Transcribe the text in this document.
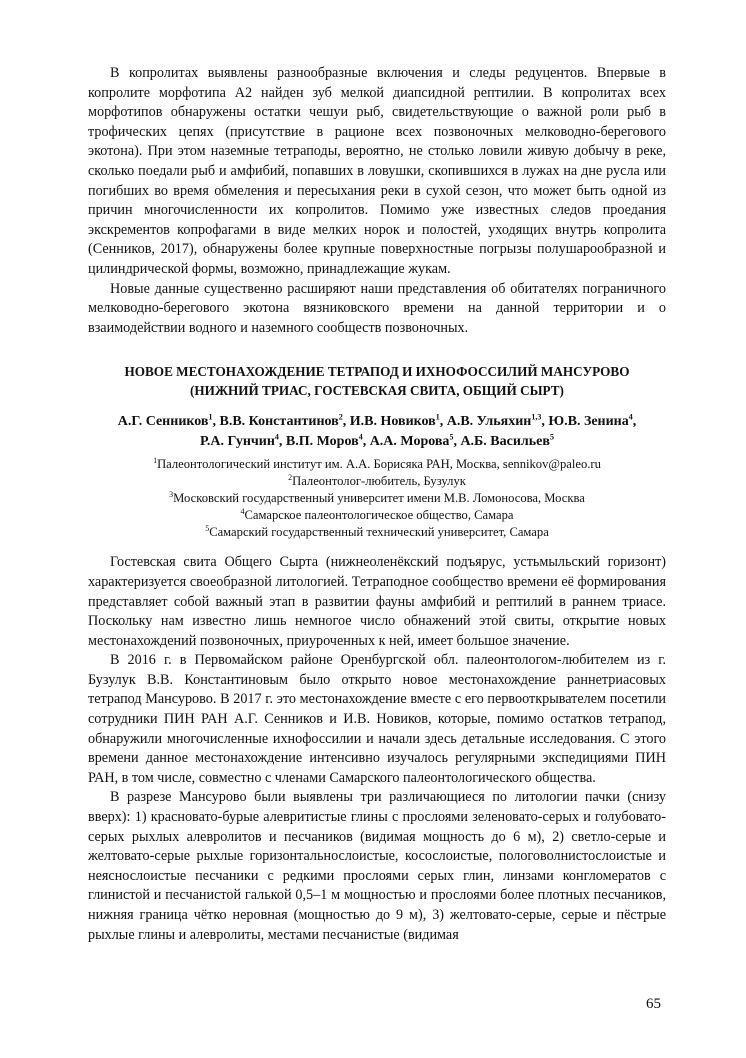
В копролитах выявлены разнообразные включения и следы редуцентов. Впервые в копролите морфотипа А2 найден зуб мелкой диапсидной рептилии. В копролитах всех морфотипов обнаружены остатки чешуи рыб, свидетельствующие о важной роли рыб в трофических цепях (присутствие в рационе всех позвоночных мелководно-берегового экотона). При этом наземные тетраподы, вероятно, не столько ловили живую добычу в реке, сколько поедали рыб и амфибий, попавших в ловушки, скопившихся в лужах на дне русла или погибших во время обмеления и пересыхания реки в сухой сезон, что может быть одной из причин многочисленности их копролитов. Помимо уже известных следов проедания экскрементов копрофагами в виде мелких норок и полостей, уходящих внутрь копролита (Сенников, 2017), обнаружены более крупные поверхностные погрызы полушарообразной и цилиндрической формы, возможно, принадлежащие жукам.

Новые данные существенно расширяют наши представления об обитателях пограничного мелководно-берегового экотона вязниковского времени на данной территории и о взаимодействии водного и наземного сообществ позвоночных.

НОВОЕ МЕСТОНАХОЖДЕНИЕ ТЕТРАПОД И ИХНОФОССИЛИЙ МАНСУРОВО
(НИЖНИЙ ТРИАС, ГОСТЕВСКАЯ СВИТА, ОБЩИЙ СЫРТ)
А.Г. Сенников$^1$, В.В. Константинов$^2$, И.В. Новиков$^1$, А.В. Ульяхин$^{1,3}$, Ю.В. Зенина$^4$,
Р.А. Гунчин$^4$, В.П. Моров$^4$, А.А. Морова$^5$, А.Б. Васильев$^5$
$^1$Палеонтологический институт им. А.А. Борисяка РАН, Москва, sennikov@paleo.ru
$^2$Палеонтолог-любитель, Бузулук
$^3$Московский государственный университет имени М.В. Ломоносова, Москва
$^4$Самарское палеонтологическое общество, Самара
$^5$Самарский государственный технический университет, Самара

Гостевская свита Общего Сырта (нижнеоленёкский подъярус, устьмыльский горизонт) характеризуется своеобразной литологией. Тетраподное сообщество времени её формирования представляет собой важный этап в развитии фауны амфибий и рептилий в раннем триасе. Поскольку нам известно лишь немногое число обнажений этой свиты, открытие новых местонахождений позвоночных, приуроченных к ней, имеет большое значение.

В 2016 г. в Первомайском районе Оренбургской обл. палеонтологом-любителем из г. Бузулук В.В. Константиновым было открыто новое местонахождение раннетриасовых тетрапод Мансурово. В 2017 г. это местонахождение вместе с его первооткрывателем посетили сотрудники ПИН РАН А.Г. Сенников и И.В. Новиков, которые, помимо остатков тетрапод, обнаружили многочисленные ихнофоссилии и начали здесь детальные исследования. С этого времени данное местонахождение интенсивно изучалось регулярными экспедициями ПИН РАН, в том числе, совместно с членами Самарского палеонтологического общества.

В разрезе Мансурово были выявлены три различающиеся по литологии пачки (снизу вверх): 1) красновато-бурые алевритистые глины с прослоями зеленовато-серых и голубовато-серых рыхлых алевролитов и песчаников (видимая мощность до 6 м), 2) светло-серые и желтовато-серые рыхлые горизонтальнослоистые, косослоистые, пологоволнистослоистые и неяснослоистые песчаники с редкими прослоями серых глин, линзами конгломератов с глинистой и песчанистой галькой 0,5–1 м мощностью и прослоями более плотных песчаников, нижняя граница чётко неровная (мощностью до 9 м), 3) желтовато-серые, серые и пёстрые рыхлые глины и алевролиты, местами песчанистые (видимая

65
